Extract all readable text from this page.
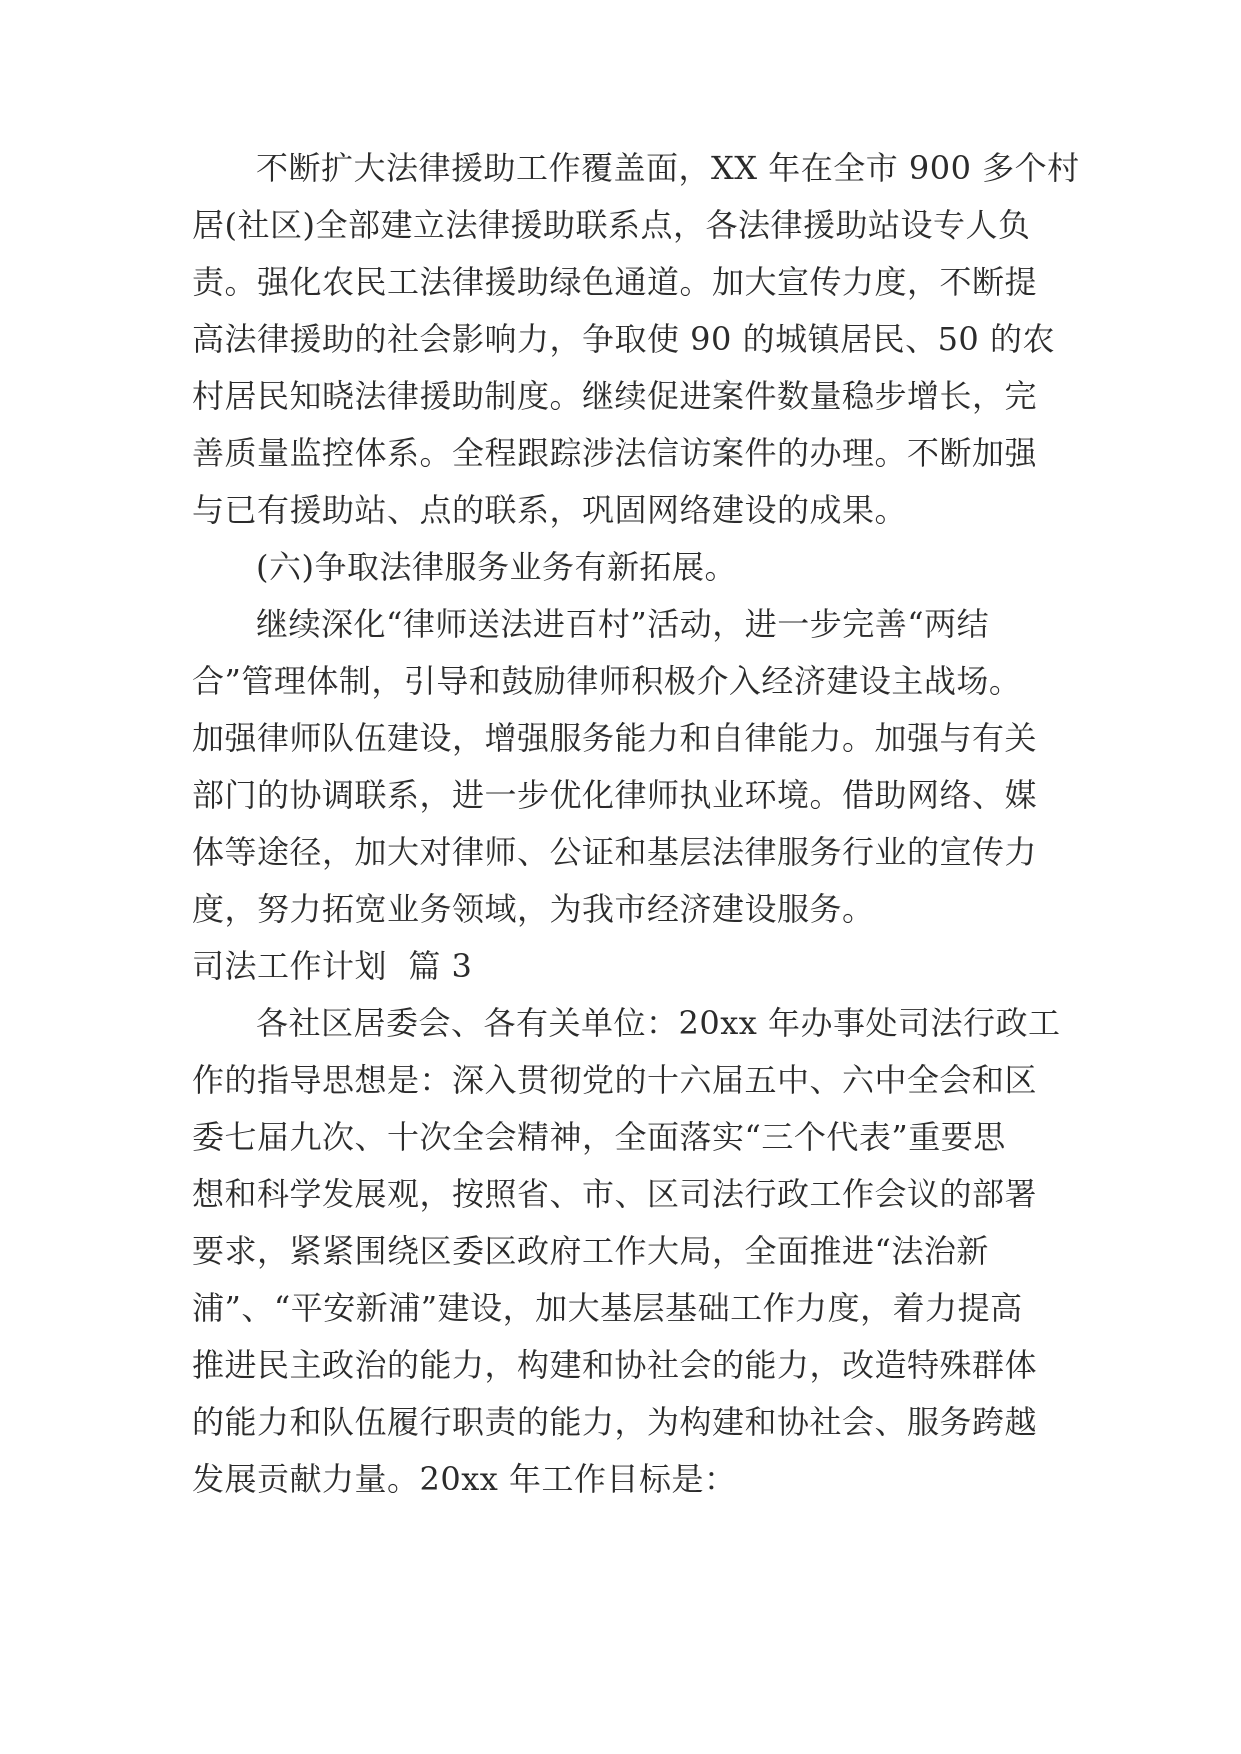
不断扩大法律援助工作覆盖面，XX 年在全市 900 多个村
居(社区)全部建立法律援助联系点，各法律援助站设专人负
责。强化农民工法律援助绿色通道。加大宣传力度，不断提
高法律援助的社会影响力，争取使 90 的城镇居民、50 的农
村居民知晓法律援助制度。继续促进案件数量稳步增长，完
善质量监控体系。全程跟踪涉法信访案件的办理。不断加强
与已有援助站、点的联系，巩固网络建设的成果。
(六)争取法律服务业务有新拓展。
继续深化“律师送法进百村”活动，进一步完善“两结
合”管理体制，引导和鼓励律师积极介入经济建设主战场。
加强律师队伍建设，增强服务能力和自律能力。加强与有关
部门的协调联系，进一步优化律师执业环境。借助网络、媒
体等途径，加大对律师、公证和基层法律服务行业的宣传力
度，努力拓宽业务领域，为我市经济建设服务。
司法工作计划  篇 3
各社区居委会、各有关单位：20xx 年办事处司法行政工
作的指导思想是：深入贯彻党的十六届五中、六中全会和区
委七届九次、十次全会精神，全面落实“三个代表”重要思
想和科学发展观，按照省、市、区司法行政工作会议的部署
要求，紧紧围绕区委区政府工作大局，全面推进“法治新
浦”、“平安新浦”建设，加大基层基础工作力度，着力提高
推进民主政治的能力，构建和协社会的能力，改造特殊群体
的能力和队伍履行职责的能力，为构建和协社会、服务跨越
发展贡献力量。20xx 年工作目标是：
